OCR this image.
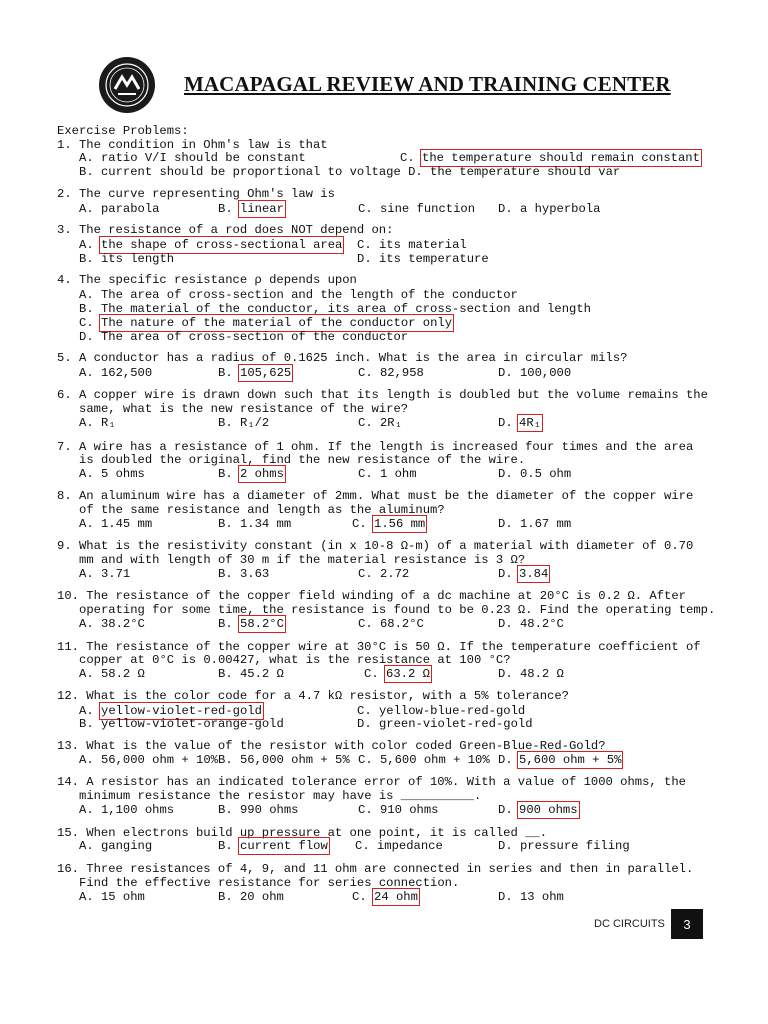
MACAPAGAL REVIEW AND TRAINING CENTER
Exercise Problems:
1. The condition in Ohm's law is that
A. ratio V/I should be constant	C. the temperature should remain constant
B. current should be proportional to voltage D. the temperature should var
2. The curve representing Ohm's law is
A. parabola	B. linear	C. sine function D. a hyperbola
3. The resistance of a rod does NOT depend on:
A. the shape of cross-sectional area C. its material
B. its length	D. its temperature
4. The specific resistance ρ depends upon
A. The area of cross-section and the length of the conductor
B. The material of the conductor, its area of cross-section and length
C. The nature of the material of the conductor only
D. The area of cross-section of the conductor
5. A conductor has a radius of 0.1625 inch. What is the area in circular mils?
A. 162,500	B. 105,625	C. 82,958	D. 100,000
6. A copper wire is drawn down such that its length is doubled but the volume remains the
same, what is the new resistance of the wire?
A. R₁	B. R₁/2	C. 2R₁	D. 4R₁
7. A wire has a resistance of 1 ohm. If the length is increased four times and the area
is doubled the original, find the new resistance of the wire.
A. 5 ohms	B. 2 ohms	C. 1 ohm	D. 0.5 ohm
8. An aluminum wire has a diameter of 2mm. What must be the diameter of the copper wire
of the same resistance and length as the aluminum?
A. 1.45 mm	B. 1.34 mm	C. 1.56 mm	D. 1.67 mm
9. What is the resistivity constant (in x 10-8 Ω-m) of a material with diameter of 0.70
mm and with length of 30 m if the material resistance is 3 Ω?
A. 3.71	B. 3.63	C. 2.72	D. 3.84
10. The resistance of the copper field winding of a dc machine at 20°C is 0.2 Ω. After
operating for some time, the resistance is found to be 0.23 Ω. Find the operating temp.
A. 38.2°C	B. 58.2°C	C. 68.2°C	D. 48.2°C
11. The resistance of the copper wire at 30°C is 50 Ω. If the temperature coefficient of
copper at 0°C is 0.00427, what is the resistance at 100 °C?
A. 58.2 Ω	B. 45.2 Ω	C. 63.2 Ω	D. 48.2 Ω
12. What is the color code for a 4.7 kΩ resistor, with a 5% tolerance?
A. yellow-violet-red-gold	C. yellow-blue-red-gold
B. yellow-violet-orange-gold	D. green-violet-red-gold
13. What is the value of the resistor with color coded Green-Blue-Red-Gold?
A. 56,000 ohm + 10% B. 56,000 ohm + 5% C. 5,600 ohm + 10% D. 5,600 ohm + 5%
14. A resistor has an indicated tolerance error of 10%. With a value of 1000 ohms, the
minimum resistance the resistor may have is __________.
A. 1,100 ohms	B. 990 ohms	C. 910 ohms	D. 900 ohms
15. When electrons build up pressure at one point, it is called __.
A. ganging	B. current flow C. impedance	D. pressure filing
16. Three resistances of 4, 9, and 11 ohm are connected in series and then in parallel.
Find the effective resistance for series connection.
A. 15 ohm	B. 20 ohm	C. 24 ohm	D. 13 ohm
DC CIRCUITS	3
